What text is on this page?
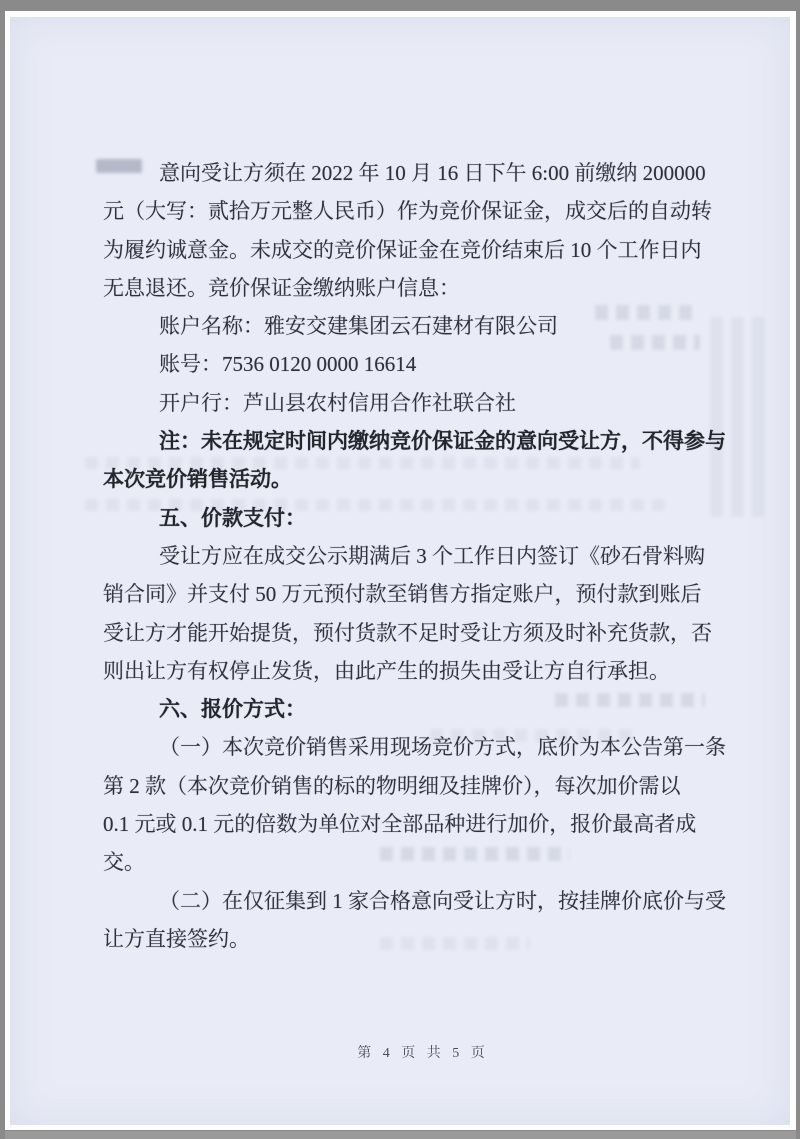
意向受让方须在 2022 年 10 月 16 日下午 6:00 前缴纳 200000
元（大写：贰拾万元整人民币）作为竞价保证金，成交后的自动转
为履约诚意金。未成交的竞价保证金在竞价结束后 10 个工作日内
无息退还。竞价保证金缴纳账户信息：
账户名称：雅安交建集团云石建材有限公司
账号：7536 0120 0000 16614
开户行：芦山县农村信用合作社联合社
注：未在规定时间内缴纳竞价保证金的意向受让方，不得参与
本次竞价销售活动。
五、价款支付：
受让方应在成交公示期满后 3 个工作日内签订《砂石骨料购
销合同》并支付 50 万元预付款至销售方指定账户，预付款到账后
受让方才能开始提货，预付货款不足时受让方须及时补充货款，否
则出让方有权停止发货，由此产生的损失由受让方自行承担。
六、报价方式：
（一）本次竞价销售采用现场竞价方式，底价为本公告第一条
第 2 款（本次竞价销售的标的物明细及挂牌价），每次加价需以
0.1 元或 0.1 元的倍数为单位对全部品种进行加价，报价最高者成
交。
（二）在仅征集到 1 家合格意向受让方时，按挂牌价底价与受
让方直接签约。
第 4 页 共 5 页
